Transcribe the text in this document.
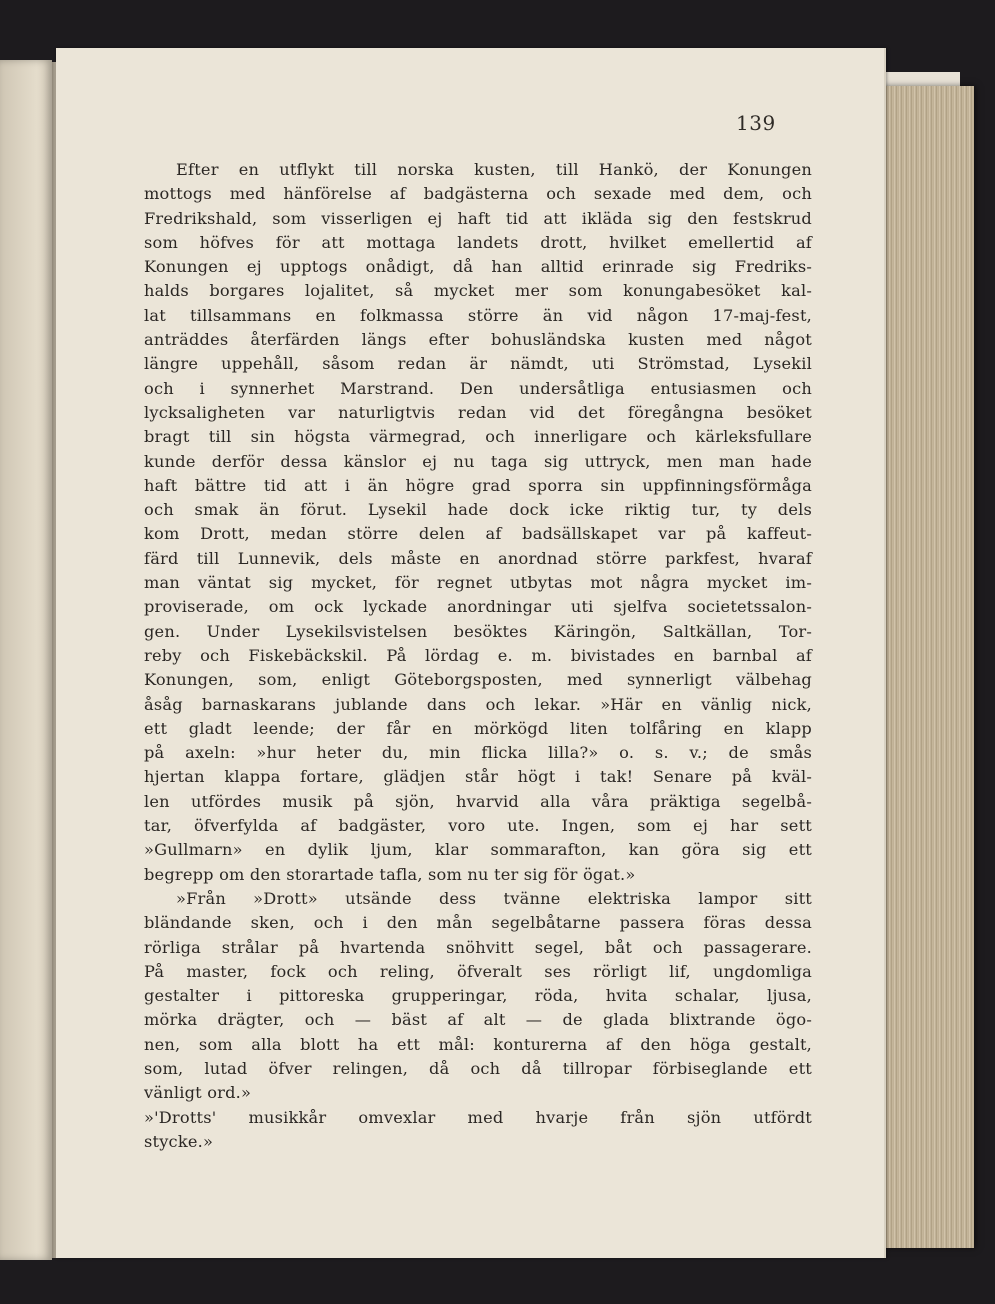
139
Efter en utflykt till norska kusten, till Hankö, der Konungen
mottogs med hänförelse af badgästerna och sexade med dem, och
Fredrikshald, som visserligen ej haft tid att ikläda sig den festskrud
som höfves för att mottaga landets drott, hvilket emellertid af
Konungen ej upptogs onådigt, då han alltid erinrade sig Fredriks-
halds borgares lojalitet, så mycket mer som konungabesöket kal-
lat tillsammans en folkmassa större än vid någon 17-maj-fest,
anträddes återfärden längs efter bohusländska kusten med något
längre uppehåll, såsom redan är nämdt, uti Strömstad, Lysekil
och i synnerhet Marstrand. Den undersåtliga entusiasmen och
lycksaligheten var naturligtvis redan vid det föregångna besöket
bragt till sin högsta värmegrad, och innerligare och kärleksfullare
kunde derför dessa känslor ej nu taga sig uttryck, men man hade
haft bättre tid att i än högre grad sporra sin uppfinningsförmåga
och smak än förut. Lysekil hade dock icke riktig tur, ty dels
kom Drott, medan större delen af badsällskapet var på kaffeut-
färd till Lunnevik, dels måste en anordnad större parkfest, hvaraf
man väntat sig mycket, för regnet utbytas mot några mycket im-
proviserade, om ock lyckade anordningar uti sjelfva societetssalon-
gen. Under Lysekilsvistelsen besöktes Käringön, Saltkällan, Tor-
reby och Fiskebäckskil. På lördag e. m. bivistades en barnbal af
Konungen, som, enligt Göteborgsposten, med synnerligt välbehag
åsåg barnaskarans jublande dans och lekar. »Här en vänlig nick,
ett gladt leende; der får en mörkögd liten tolfåring en klapp
på axeln: »hur heter du, min flicka lilla?» o. s. v.; de smås
hjertan klappa fortare, glädjen står högt i tak! Senare på kväl-
len utfördes musik på sjön, hvarvid alla våra präktiga segelbå-
tar, öfverfylda af badgäster, voro ute. Ingen, som ej har sett
»Gullmarn» en dylik ljum, klar sommarafton, kan göra sig ett
begrepp om den storartade tafla, som nu ter sig för ögat.»
»Från »Drott» utsände dess tvänne elektriska lampor sitt
bländande sken, och i den mån segelbåtarne passera föras dessa
rörliga strålar på hvartenda snöhvitt segel, båt och passagerare.
På master, fock och reling, öfveralt ses rörligt lif, ungdomliga
gestalter i pittoreska grupperingar, röda, hvita schalar, ljusa,
mörka drägter, och — bäst af alt — de glada blixtrande ögo-
nen, som alla blott ha ett mål: konturerna af den höga gestalt,
som, lutad öfver relingen, då och då tillropar förbiseglande ett
vänligt ord.»
»'Drotts' musikkår omvexlar med hvarje från sjön utfördt
stycke.»
